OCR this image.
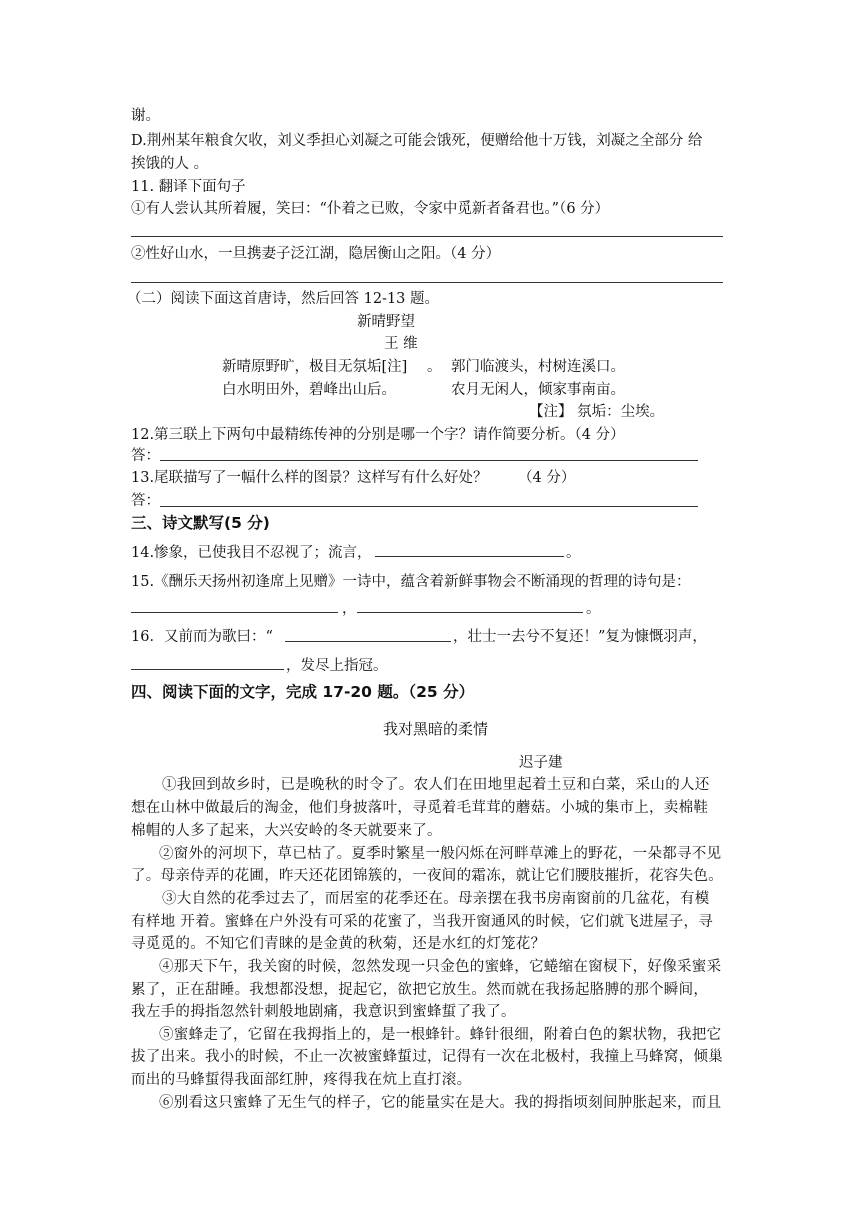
谢。
D.荆州某年粮食欠收，刘义季担心刘凝之可能会饿死，便赠给他十万钱，刘凝之全部分 给
挨饿的人 。
11. 翻译下面句子
①有人尝认其所着履，笑曰：“仆着之已败，令家中觅新者备君也。”（6 分）
②性好山水，一旦携妻子泛江湖，隐居衡山之阳。（4 分）
（二）阅读下面这首唐诗，然后回答 12-13 题。
新晴野望
王 维
新晴原野旷，极目无氛垢[注] 。 郭门临渡头，村树连溪口。
白水明田外，碧峰出山后。	农月无闲人，倾家事南亩。
【注】 氛垢：尘埃。
12.第三联上下两句中最精练传神的分别是哪一个字？请作简要分析。（4 分）
答：
13.尾联描写了一幅什么样的图景？这样写有什么好处？ （4 分）
答：
三、诗文默写(5 分)
14.惨象，已使我目不忍视了；流言，	。
15.《酬乐天扬州初逢席上见赠》一诗中，蕴含着新鲜事物会不断涌现的哲理的诗句是：
，	。
16．又前而为歌曰：“	，壮士一去兮不复还！”复为慷慨羽声，
，发尽上指冠。
四、阅读下面的文字，完成 17-20 题。（25 分）
我对黑暗的柔情
迟子建
①我回到故乡时，已是晚秋的时令了。农人们在田地里起着土豆和白菜，采山的人还
想在山林中做最后的淘金，他们身披落叶，寻觅着毛茸茸的蘑菇。小城的集市上，卖棉鞋
棉帽的人多了起来，大兴安岭的冬天就要来了。
②窗外的河坝下，草已枯了。夏季时繁星一般闪烁在河畔草滩上的野花，一朵都寻不见
了。母亲侍弄的花圃，昨天还花团锦簇的，一夜间的霜冻，就让它们腰肢摧折，花容失色。
③大自然的花季过去了，而居室的花季还在。母亲摆在我书房南窗前的几盆花，有模
有样地 开着。蜜蜂在户外没有可采的花蜜了，当我开窗通风的时候，它们就飞进屋子，寻
寻觅觅的。不知它们青睐的是金黄的秋菊，还是水红的灯笼花？
④那天下午，我关窗的时候，忽然发现一只金色的蜜蜂，它蜷缩在窗棂下，好像采蜜采
累了，正在甜睡。我想都没想，捉起它，欲把它放生。然而就在我扬起胳膊的那个瞬间，
我左手的拇指忽然针刺般地剧痛，我意识到蜜蜂蜇了我了。
⑤蜜蜂走了，它留在我拇指上的，是一根蜂针。蜂针很细，附着白色的絮状物，我把它
拔了出来。我小的时候，不止一次被蜜蜂蜇过，记得有一次在北极村，我撞上马蜂窝，倾巢
而出的马蜂蜇得我面部红肿，疼得我在炕上直打滚。
⑥别看这只蜜蜂了无生气的样子，它的能量实在是大。我的拇指顷刻间肿胀起来，而且
